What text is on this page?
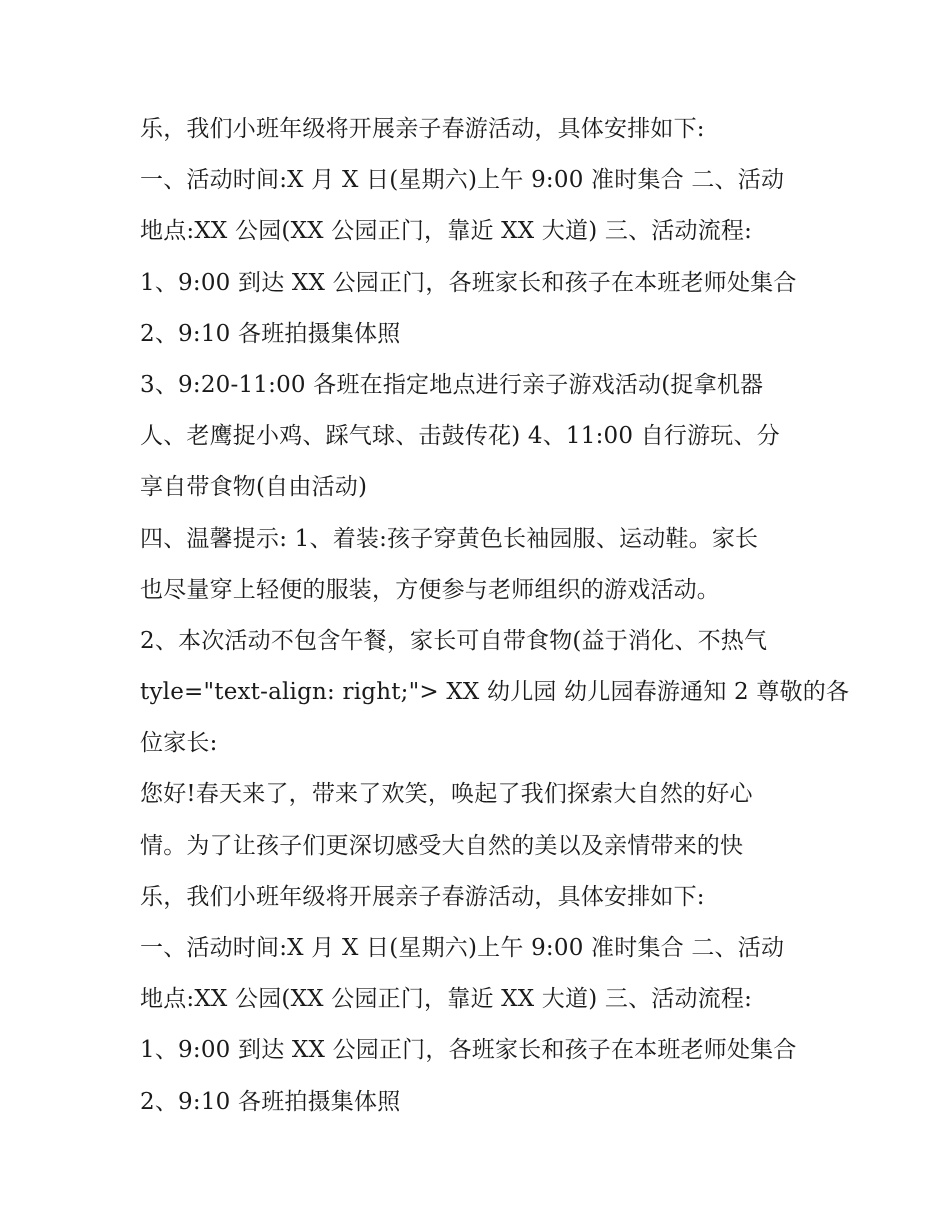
乐，我们小班年级将开展亲子春游活动，具体安排如下:
一、活动时间:X 月 X 日(星期六)上午 9:00 准时集合 二、活动
地点:XX 公园(XX 公园正门，靠近 XX 大道) 三、活动流程:
1、9:00 到达 XX 公园正门，各班家长和孩子在本班老师处集合
2、9:10 各班拍摄集体照
3、9:20-11:00 各班在指定地点进行亲子游戏活动(捉拿机器
人、老鹰捉小鸡、踩气球、击鼓传花) 4、11:00 自行游玩、分
享自带食物(自由活动)
四、温馨提示: 1、着装:孩子穿黄色长袖园服、运动鞋。家长
也尽量穿上轻便的服装，方便参与老师组织的游戏活动。
2、本次活动不包含午餐，家长可自带食物(益于消化、不热气
tyle="text-align: right;"> XX 幼儿园 幼儿园春游通知 2 尊敬的各
位家长:
您好!春天来了，带来了欢笑，唤起了我们探索大自然的好心
情。为了让孩子们更深切感受大自然的美以及亲情带来的快
乐，我们小班年级将开展亲子春游活动，具体安排如下:
一、活动时间:X 月 X 日(星期六)上午 9:00 准时集合 二、活动
地点:XX 公园(XX 公园正门，靠近 XX 大道) 三、活动流程:
1、9:00 到达 XX 公园正门，各班家长和孩子在本班老师处集合
2、9:10 各班拍摄集体照
